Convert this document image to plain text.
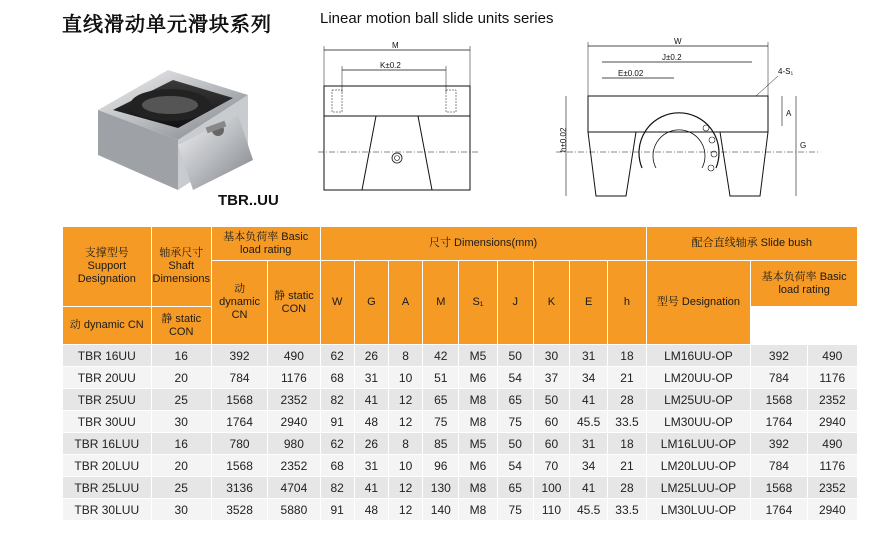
直线滑动单元滑块系列	Linear motion ball slide units series
TBR..UU
M
K±0.2
W
J±0.2
E±0.02	4-S₁
h±0.02	G
A
支撑型号 Support Designation	轴承尺寸 Shaft Dimensions	基本负荷率 Basic load rating		尺寸 Dimensions(mm)									配合直线轴承 Slide bush		
		动 dynamic CN	静 static CON	W	G	A	M	S₁	J	K	E	h	型号 Designation	基本负荷率 Basic load rating	
动 dynamic CN	静 static CON														
TBR 16UU	16	392	490	62	26	8	42	M5	50	30	31	18	LM16UU-OP	392	490
TBR 20UU	20	784	1176	68	31	10	51	M6	54	37	34	21	LM20UU-OP	784	1176
TBR 25UU	25	1568	2352	82	41	12	65	M8	65	50	41	28	LM25UU-OP	1568	2352
TBR 30UU	30	1764	2940	91	48	12	75	M8	75	60	45.5	33.5	LM30UU-OP	1764	2940
TBR 16LUU	16	780	980	62	26	8	85	M5	50	60	31	18	LM16LUU-OP	392	490
TBR 20LUU	20	1568	2352	68	31	10	96	M6	54	70	34	21	LM20LUU-OP	784	1176
TBR 25LUU	25	3136	4704	82	41	12	130	M8	65	100	41	28	LM25LUU-OP	1568	2352
TBR 30LUU	30	3528	5880	91	48	12	140	M8	75	110	45.5	33.5	LM30LUU-OP	1764	2940
